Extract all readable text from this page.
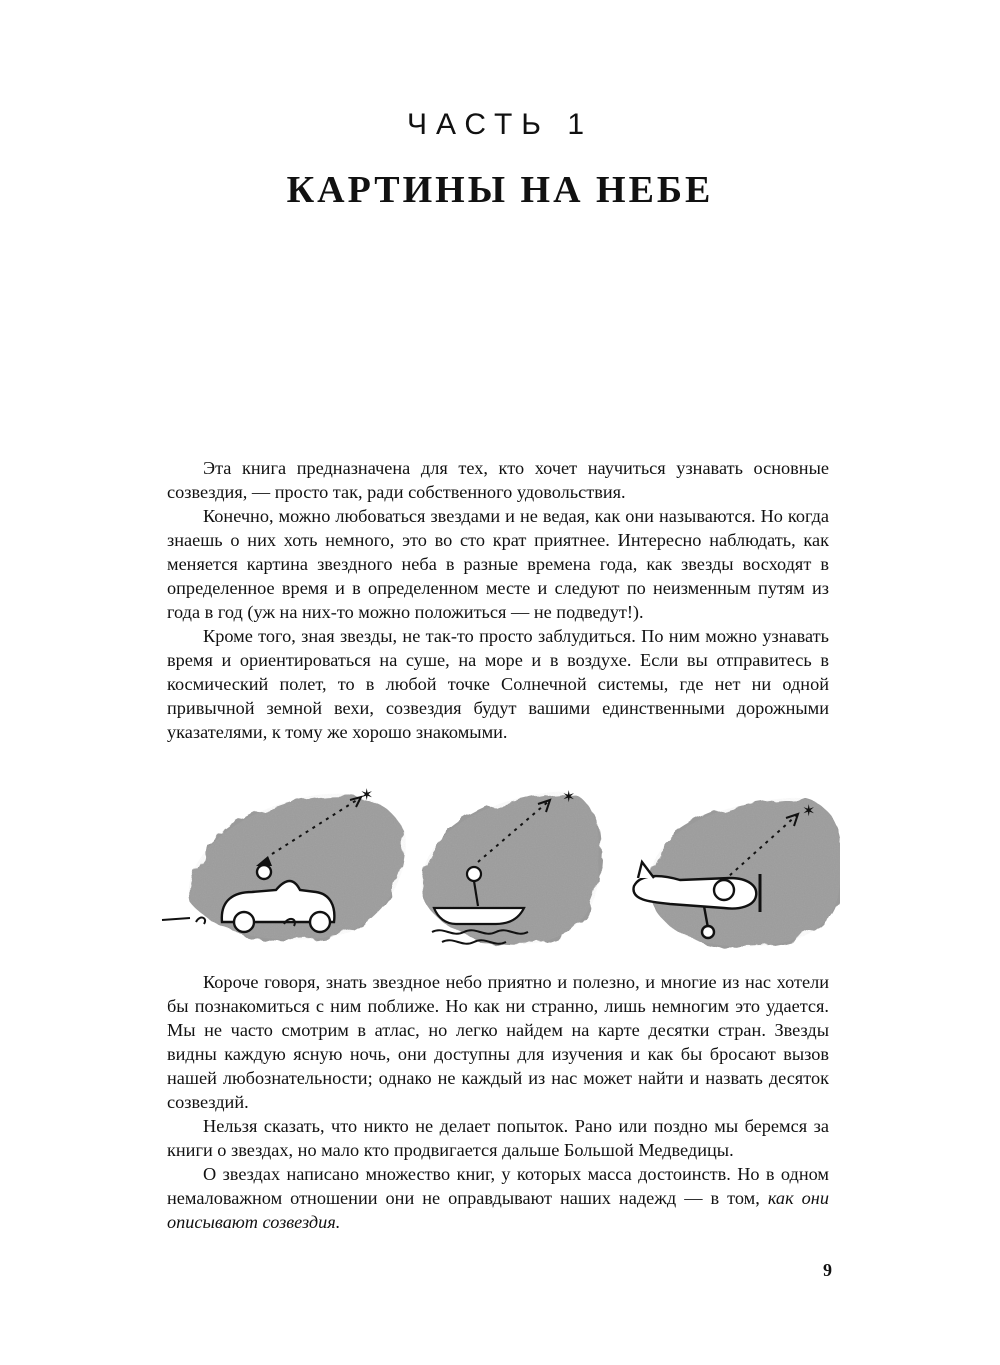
ЧАСТЬ 1
КАРТИНЫ НА НЕБЕ

Эта книга предназначена для тех, кто хочет научиться узнавать основные созвездия, — просто так, ради собственного удовольствия.

Конечно, можно любоваться звездами и не ведая, как они называются. Но когда знаешь о них хоть немного, это во сто крат приятнее. Интересно наблюдать, как меняется картина звездного неба в разные времена года, как звезды восходят в определенное время и в определенном месте и следуют по неизменным путям из года в год (уж на них-то можно положиться — не подведут!).

Кроме того, зная звезды, не так-то просто заблудиться. По ним можно узнавать время и ориентироваться на суше, на море и в воздухе. Если вы отправитесь в космический полет, то в любой точке Солнечной системы, где нет ни одной привычной земной вехи, созвездия будут вашими единственными дорожными указателями, к тому же хорошо знакомыми.

✶	✶
✶

Короче говоря, знать звездное небо приятно и полезно, и многие из нас хотели бы познакомиться с ним поближе. Но как ни странно, лишь немногим это удается. Мы не часто смотрим в атлас, но легко найдем на карте десятки стран. Звезды видны каждую ясную ночь, они доступны для изучения и как бы бросают вызов нашей любознательности; однако не каждый из нас может найти и назвать десяток созвездий.

Нельзя сказать, что никто не делает попыток. Рано или поздно мы беремся за книги о звездах, но мало кто продвигается дальше Большой Медведицы.

О звездах написано множество книг, у которых масса достоинств. Но в одном немаловажном отношении они не оправдывают наших надежд — в том, как они описывают созвездия.

9
